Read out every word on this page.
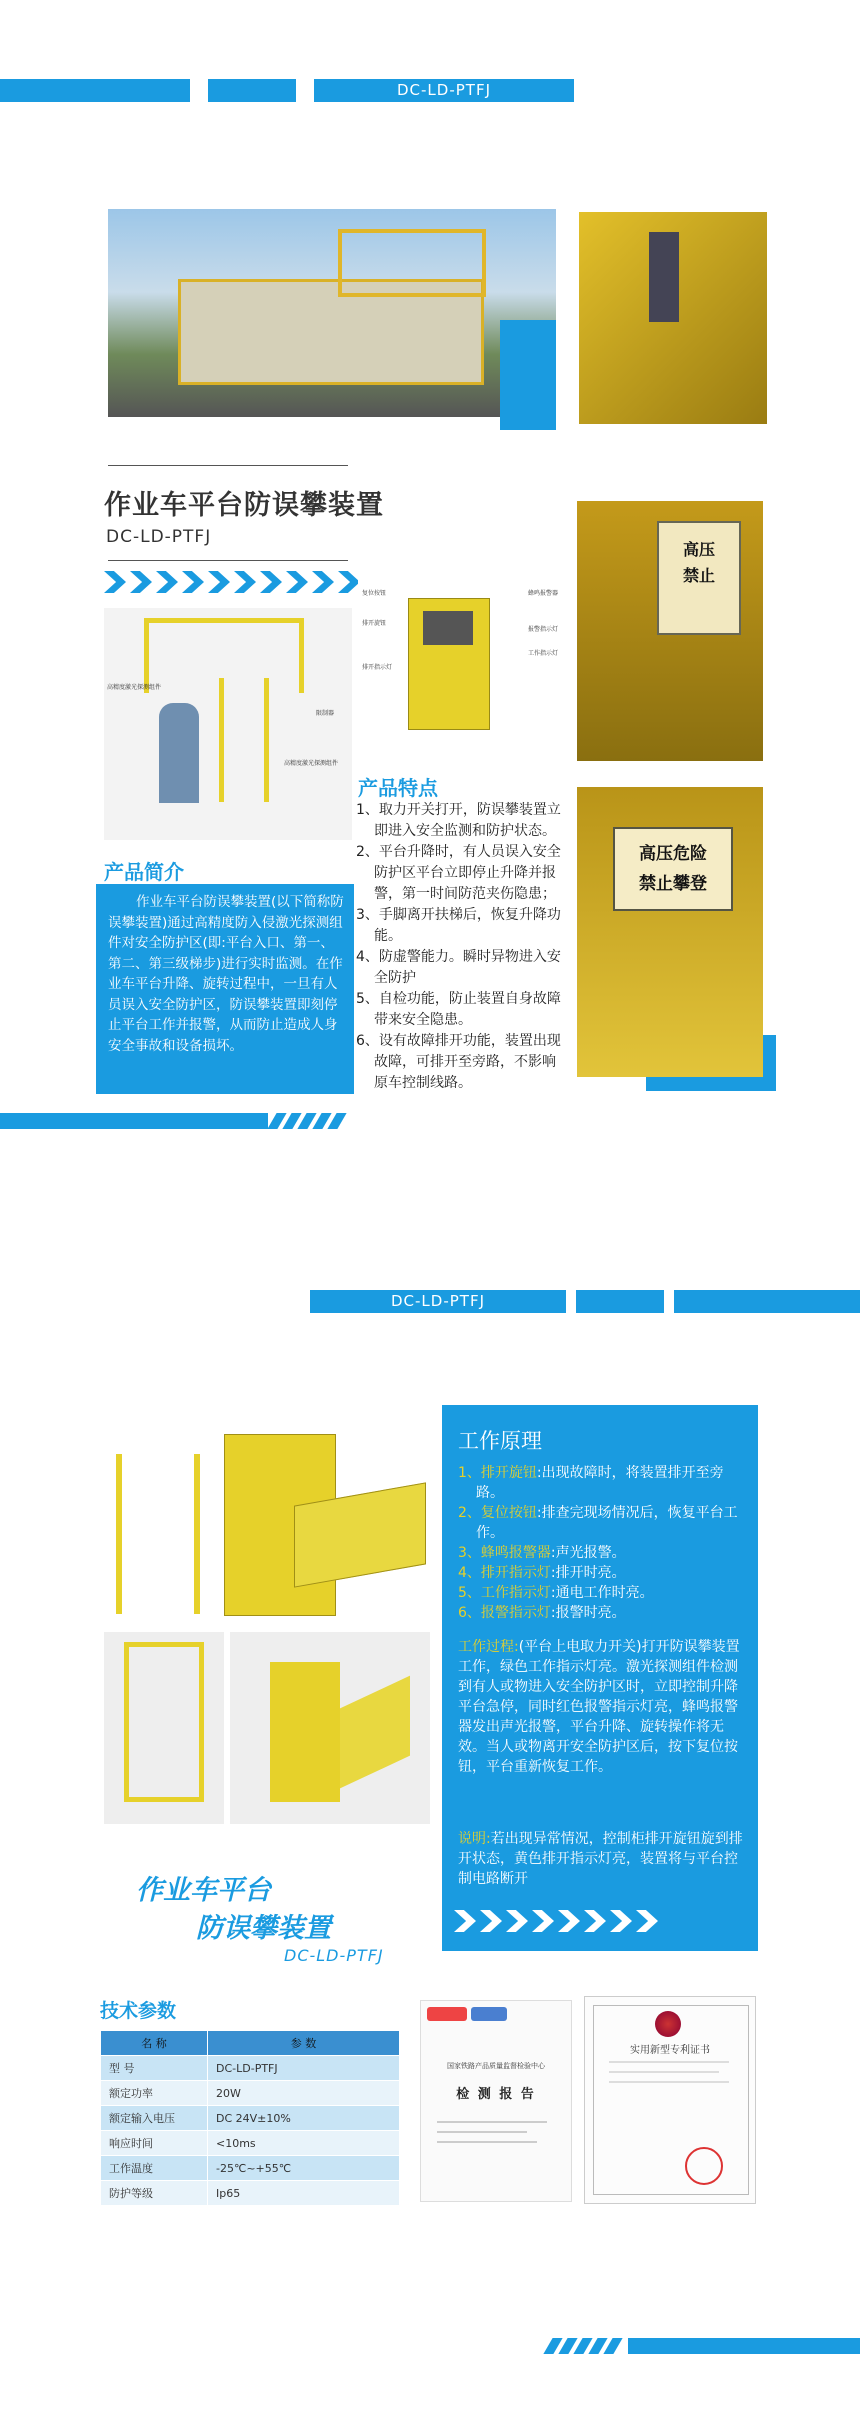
DC-LD-PTFJ
作业车平台防误攀装置
DC-LD-PTFJ
高压
禁止
高压危险
禁止攀登
高精度激光探测组件
限制器
高精度激光探测组件
复位按钮
排开旋钮
排开指示灯
蜂鸣报警器
报警指示灯
工作指示灯
产品简介
作业车平台防误攀装置(以下简称防误攀装置)通过高精度防入侵激光探测组件对安全防护区(即:平台入口、第一、第二、第三级梯步)进行实时监测。在作业车平台升降、旋转过程中，一旦有人员误入安全防护区，防误攀装置即刻停止平台工作并报警，从而防止造成人身安全事故和设备损坏。
产品特点
1、取力开关打开，防误攀装置立即进入安全监测和防护状态。
2、平台升降时，有人员误入安全防护区平台立即停止升降并报警，第一时间防范夹伤隐患；
3、手脚离开扶梯后，恢复升降功能。
4、防虚警能力。瞬时异物进入安全防护
5、自检功能，防止装置自身故障带来安全隐患。
6、设有故障排开功能，装置出现故障，可排开至旁路，不影响原车控制线路。
DC-LD-PTFJ
工作原理
1、排开旋钮:出现故障时，将装置排开至旁路。
2、复位按钮:排查完现场情况后，恢复平台工作。
3、蜂鸣报警器:声光报警。
4、排开指示灯:排开时亮。
5、工作指示灯:通电工作时亮。
6、报警指示灯:报警时亮。
工作过程:(平台上电取力开关)打开防误攀装置工作，绿色工作指示灯亮。激光探测组件检测到有人或物进入安全防护区时，立即控制升降平台急停，同时红色报警指示灯亮，蜂鸣报警器发出声光报警，平台升降、旋转操作将无效。当人或物离开安全防护区后，按下复位按钮，平台重新恢复工作。
说明:若出现异常情况，控制柜排开旋钮旋到排开状态，黄色排开指示灯亮，装置将与平台控制电路断开
作业车平台
防误攀装置
DC-LD-PTFJ
技术参数
名 称	参 数
型 号	DC-LD-PTFJ
额定功率	20W
额定输入电压	DC 24V±10%
响应时间	<10ms
工作温度	-25℃~+55℃
防护等级	Ip65
国家铁路产品质量监督检验中心
检 测 报 告
实用新型专利证书
